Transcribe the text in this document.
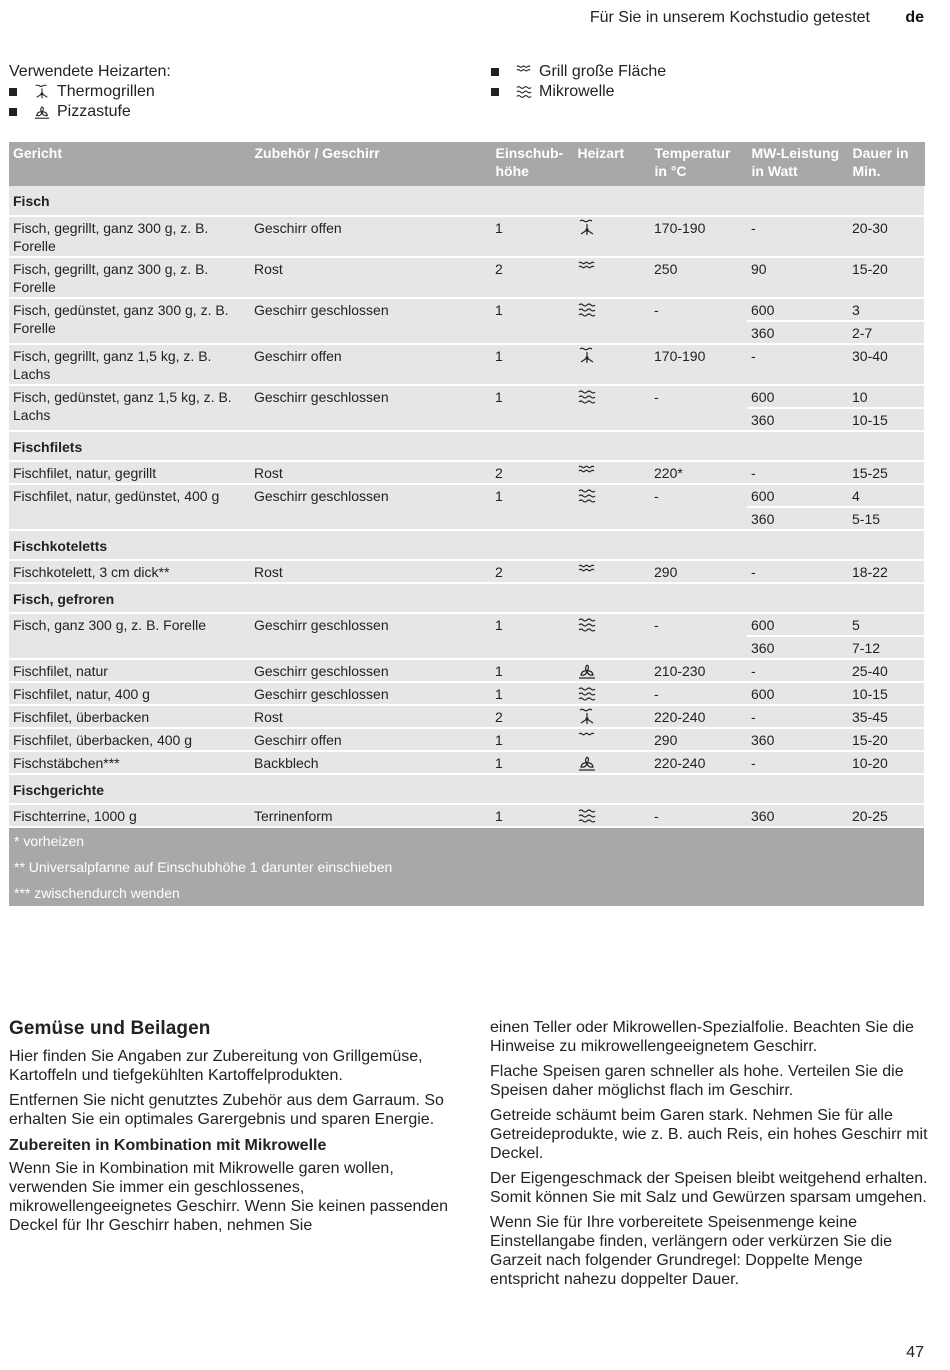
Für Sie in unserem Kochstudio getestet de
Verwendete Heizarten:
Thermogrillen
Pizzastufe
Grill große Fläche
Mikrowelle
Gericht	Zubehör / Geschirr	Einschub-höhe	Heizart	Temperatur in °C	MW-Leistung in Watt	Dauer in Min.
Fisch						
Fisch, gegrillt, ganz 300 g, z. B. Forelle	Geschirr offen	1		170-190	-	20-30
Fisch, gegrillt, ganz 300 g, z. B. Forelle	Rost	2		250	90	15-20
Fisch, gedünstet, ganz 300 g, z. B. Forelle	Geschirr geschlossen	1		-	600	3
					360	2-7
Fisch, gegrillt, ganz 1,5 kg, z. B. Lachs	Geschirr offen	1		170-190	-	30-40
Fisch, gedünstet, ganz 1,5 kg, z. B. Lachs	Geschirr geschlossen	1		-	600	10
					360	10-15
Fischfilets						
Fischfilet, natur, gegrillt	Rost	2		220*	-	15-25
Fischfilet, natur, gedünstet, 400 g	Geschirr geschlossen	1		-	600	4
					360	5-15
Fischkoteletts						
Fischkotelett, 3 cm dick**	Rost	2		290	-	18-22
Fisch, gefroren						
Fisch, ganz 300 g, z. B. Forelle	Geschirr geschlossen	1		-	600	5
					360	7-12
Fischfilet, natur	Geschirr geschlossen	1		210-230	-	25-40
Fischfilet, natur, 400 g	Geschirr geschlossen	1		-	600	10-15
Fischfilet, überbacken	Rost	2		220-240	-	35-45
Fischfilet, überbacken, 400 g	Geschirr offen	1		290	360	15-20
Fischstäbchen***	Backblech	1		220-240	-	10-20
Fischgerichte						
Fischterrine, 1000 g	Terrinenform	1		-	360	20-25
* vorheizen						
** Universalpfanne auf Einschubhöhe 1 darunter einschieben						
*** zwischendurch wenden						
Gemüse und Beilagen

Hier finden Sie Angaben zur Zubereitung von Grillgemüse, Kartoffeln und tiefgekühlten Kartoffelprodukten.

Entfernen Sie nicht genutztes Zubehör aus dem Garraum. So erhalten Sie ein optimales Garergebnis und sparen Energie.

Zubereiten in Kombination mit Mikrowelle

Wenn Sie in Kombination mit Mikrowelle garen wollen, verwenden Sie immer ein geschlossenes, mikrowellengeeignetes Geschirr. Wenn Sie keinen passenden Deckel für Ihr Geschirr haben, nehmen Sie

einen Teller oder Mikrowellen-Spezialfolie. Beachten Sie die Hinweise zu mikrowellengeeignetem Geschirr.

Flache Speisen garen schneller als hohe. Verteilen Sie die Speisen daher möglichst flach im Geschirr.

Getreide schäumt beim Garen stark. Nehmen Sie für alle Getreideprodukte, wie z. B. auch Reis, ein hohes Geschirr mit Deckel.

Der Eigengeschmack der Speisen bleibt weitgehend erhalten. Somit können Sie mit Salz und Gewürzen sparsam umgehen.

Wenn Sie für Ihre vorbereitete Speisenmenge keine Einstellangabe finden, verlängern oder verkürzen Sie die Garzeit nach folgender Grundregel: Doppelte Menge entspricht nahezu doppelter Dauer.

47
